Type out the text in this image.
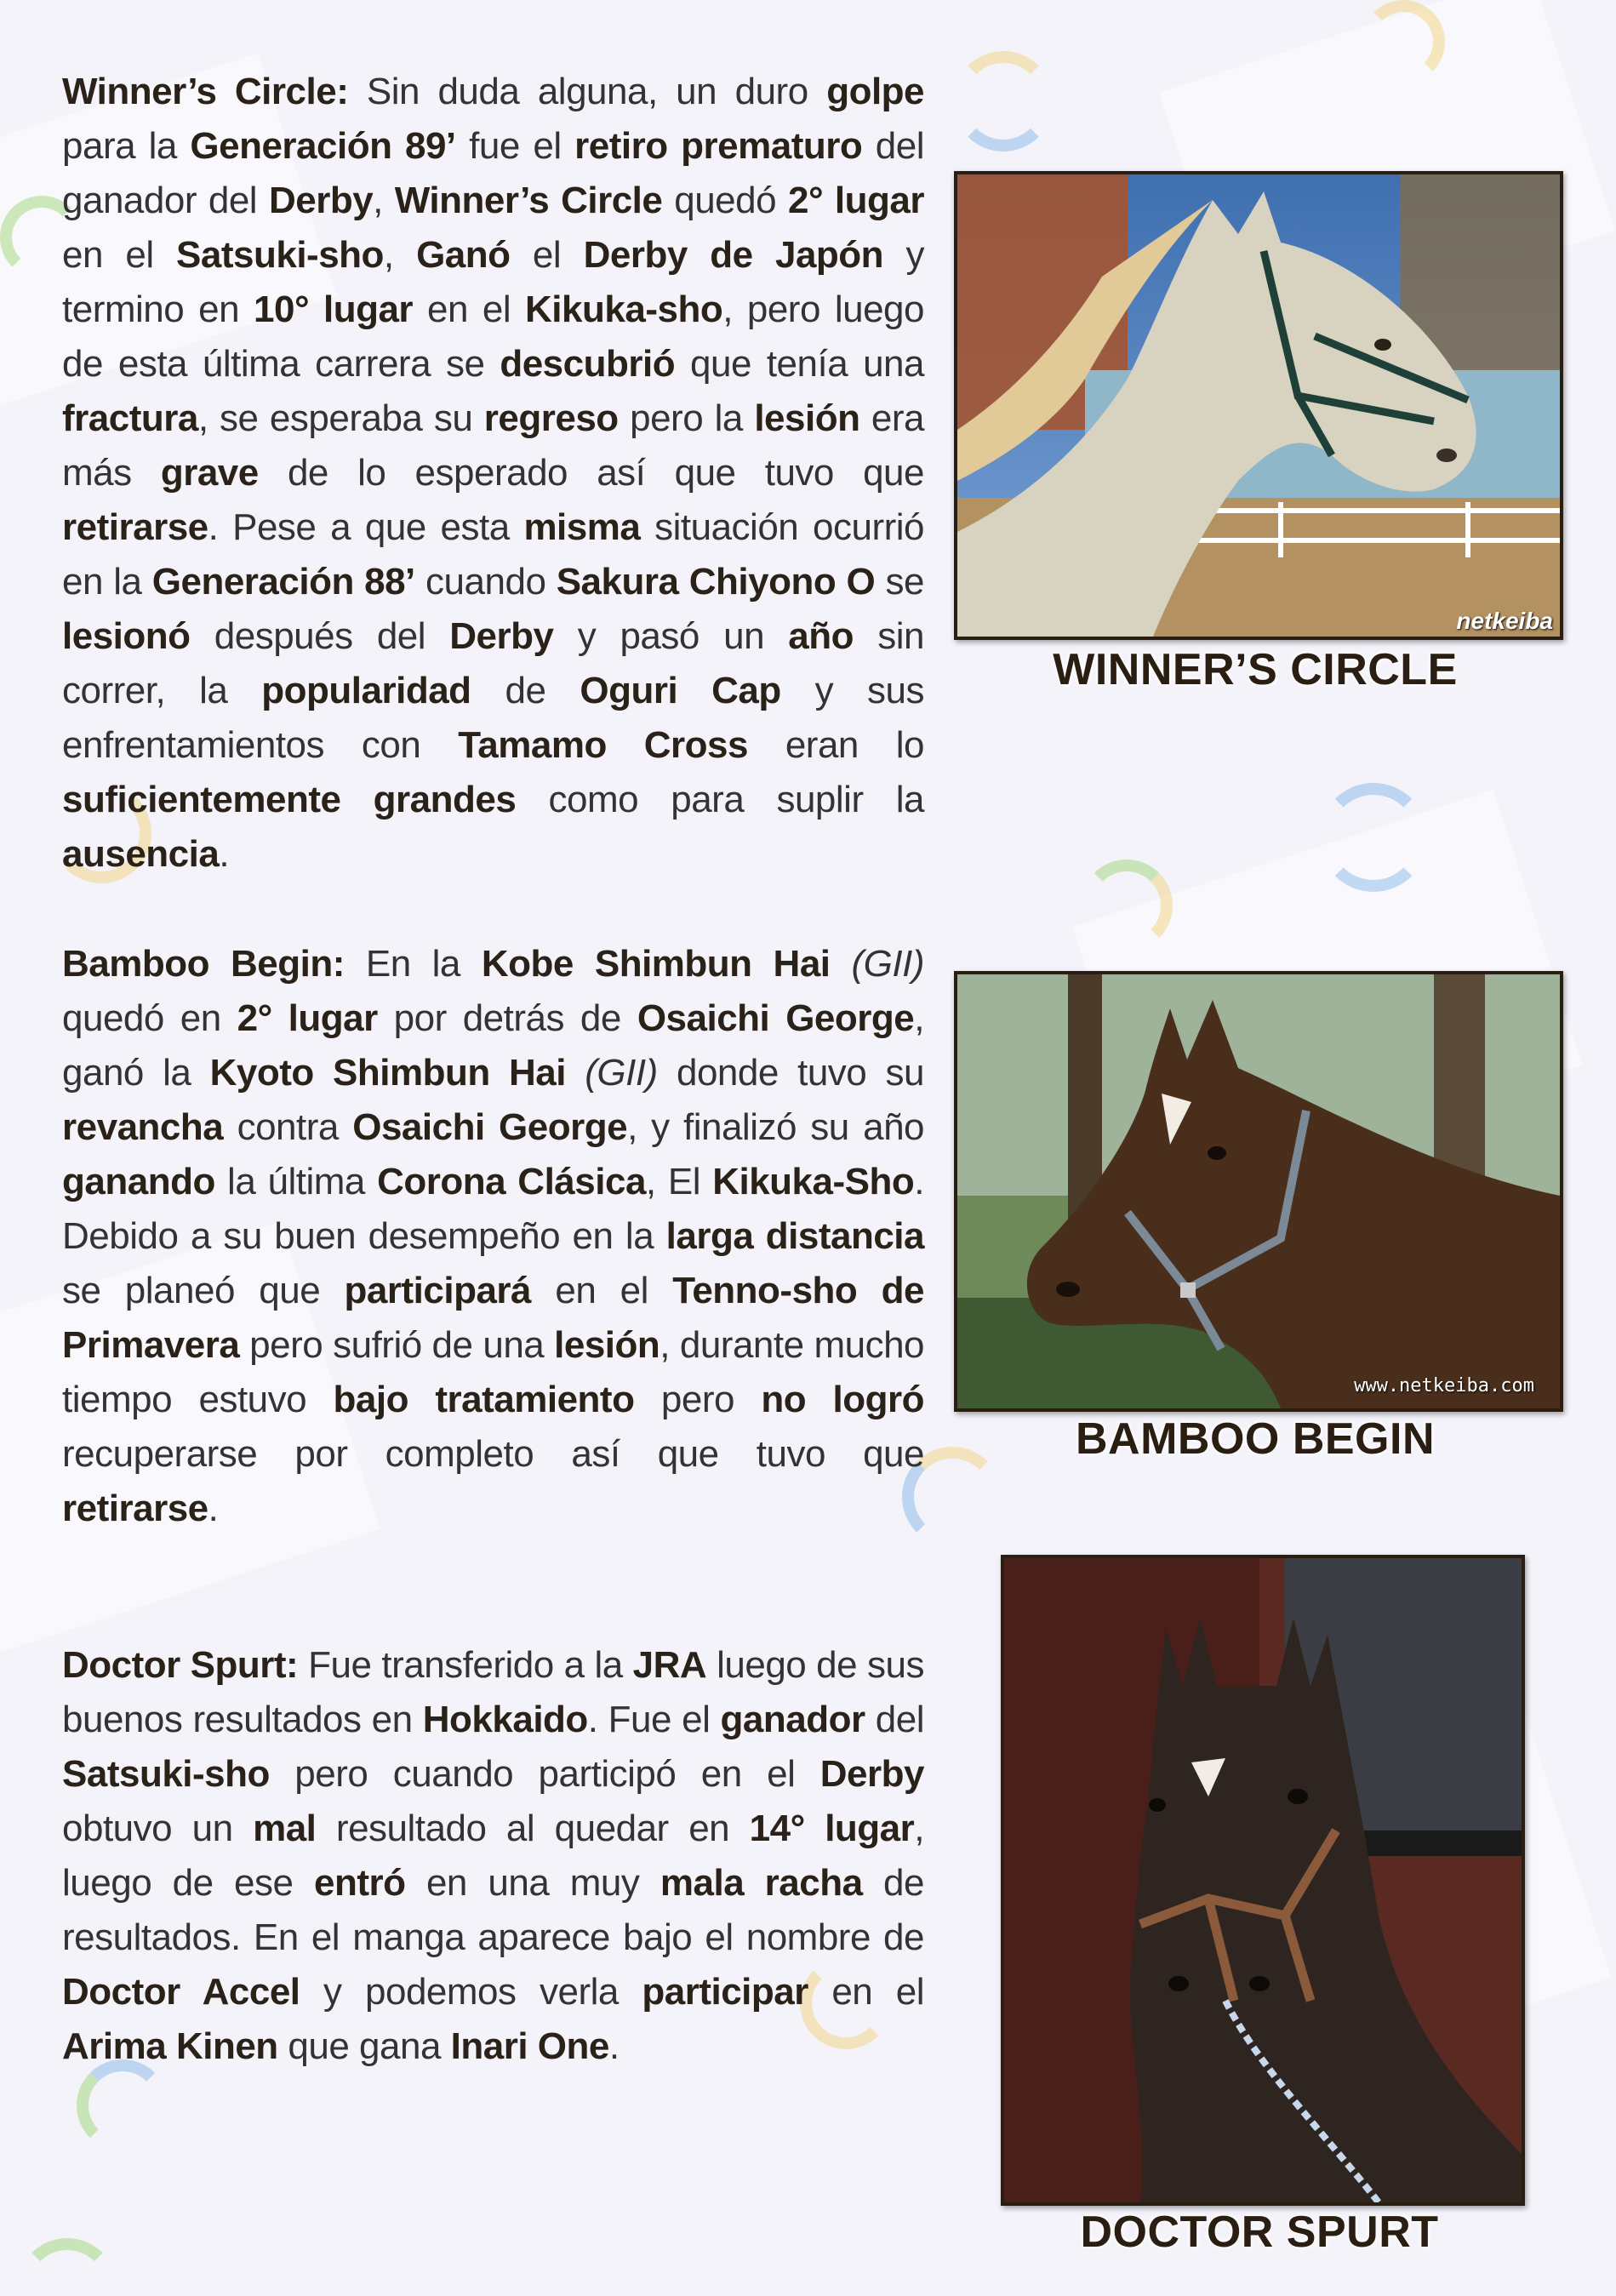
Winner’s Circle: Sin duda alguna, un duro golpe para la Generación 89’ fue el retiro prematuro del ganador del Derby, Winner’s Circle quedó 2° lugar en el Satsuki-sho, Ganó el Derby de Japón y termino en 10° lugar en el Kikuka-sho, pero luego de esta última carrera se descubrió que tenía una fractura, se esperaba su regreso pero la lesión era más grave de lo esperado así que tuvo que retirarse. Pese a que esta misma situación ocurrió en la Generación 88’ cuando Sakura Chiyono O se lesionó después del Derby y pasó un año sin correr, la popularidad de Oguri Cap y sus enfrentamientos con Tamamo Cross eran lo suficientemente grandes como para suplir la ausencia.
netkeiba
WINNER’S CIRCLE
Bamboo Begin: En la Kobe Shimbun Hai (GII) quedó en 2° lugar por detrás de Osaichi George, ganó la Kyoto Shimbun Hai (GII) donde tuvo su revancha contra Osaichi George, y finalizó su año ganando la última Corona Clásica, El Kikuka-Sho. Debido a su buen desempeño en la larga distancia se planeó que participará en el Tenno-sho de Primavera pero sufrió de una lesión, durante mucho tiempo estuvo bajo tratamiento pero no logró recuperarse por completo así que tuvo que retirarse.
www.netkeiba.com
BAMBOO BEGIN
Doctor Spurt: Fue transferido a la JRA luego de sus buenos resultados en Hokkaido. Fue el ganador del Satsuki-sho pero cuando participó en el Derby obtuvo un mal resultado al quedar en 14° lugar, luego de ese entró en una muy mala racha de resultados. En el manga aparece bajo el nombre de Doctor Accel y podemos verla participar en el Arima Kinen que gana Inari One.
DOCTOR SPURT
